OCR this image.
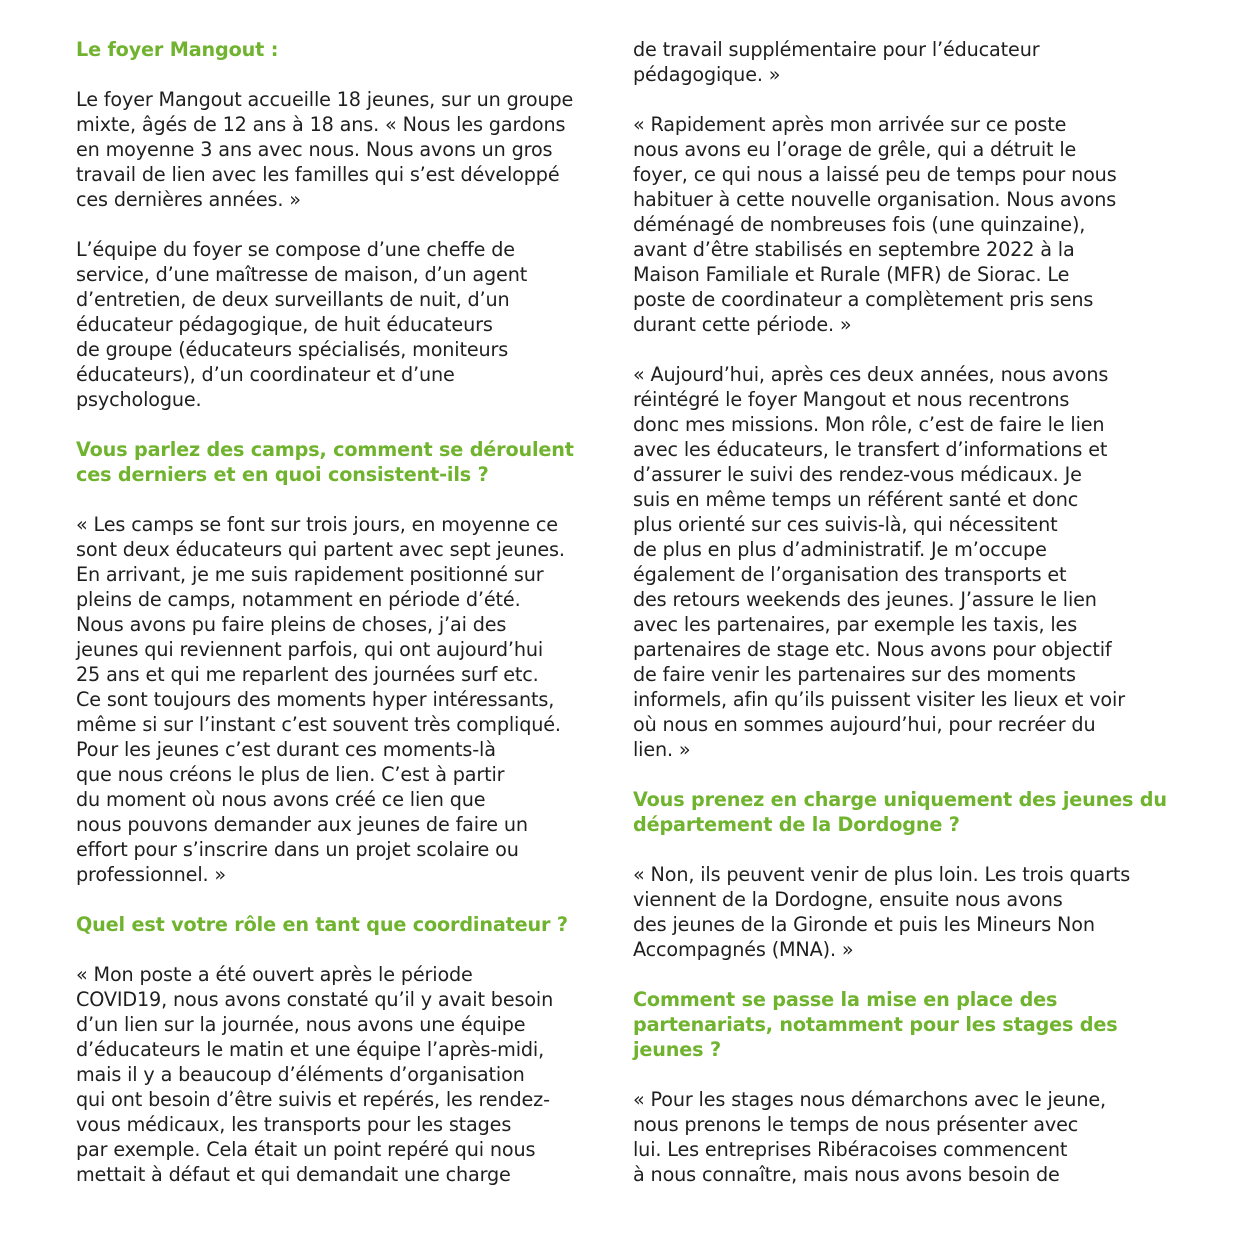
Le foyer Mangout :
Le foyer Mangout accueille 18 jeunes, sur un groupe
mixte, âgés de 12 ans à 18 ans. « Nous les gardons
en moyenne 3 ans avec nous. Nous avons un gros
travail de lien avec les familles qui s’est développé
ces dernières années. »
L’équipe du foyer se compose d’une cheffe de
service, d’une maîtresse de maison, d’un agent
d’entretien, de deux surveillants de nuit, d’un
éducateur pédagogique, de huit éducateurs
de groupe (éducateurs spécialisés, moniteurs
éducateurs), d’un coordinateur et d’une
psychologue.
Vous parlez des camps, comment se déroulent
ces derniers et en quoi consistent-ils ?
« Les camps se font sur trois jours, en moyenne ce
sont deux éducateurs qui partent avec sept jeunes.
En arrivant, je me suis rapidement positionné sur
pleins de camps, notamment en période d’été.
Nous avons pu faire pleins de choses, j’ai des
jeunes qui reviennent parfois, qui ont aujourd’hui
25 ans et qui me reparlent des journées surf etc.
Ce sont toujours des moments hyper intéressants,
même si sur l’instant c’est souvent très compliqué.
Pour les jeunes c’est durant ces moments-là
que nous créons le plus de lien. C’est à partir
du moment où nous avons créé ce lien que
nous pouvons demander aux jeunes de faire un
effort pour s’inscrire dans un projet scolaire ou
professionnel. »
Quel est votre rôle en tant que coordinateur ?
« Mon poste a été ouvert après le période
COVID19, nous avons constaté qu’il y avait besoin
d’un lien sur la journée, nous avons une équipe
d’éducateurs le matin et une équipe l’après-midi,
mais il y a beaucoup d’éléments d’organisation
qui ont besoin d’être suivis et repérés, les rendez-
vous médicaux, les transports pour les stages
par exemple. Cela était un point repéré qui nous
mettait à défaut et qui demandait une charge
de travail supplémentaire pour l’éducateur
pédagogique. »
« Rapidement après mon arrivée sur ce poste
nous avons eu l’orage de grêle, qui a détruit le
foyer, ce qui nous a laissé peu de temps pour nous
habituer à cette nouvelle organisation. Nous avons
déménagé de nombreuses fois (une quinzaine),
avant d’être stabilisés en septembre 2022 à la
Maison Familiale et Rurale (MFR) de Siorac. Le
poste de coordinateur a complètement pris sens
durant cette période. »
« Aujourd’hui, après ces deux années, nous avons
réintégré le foyer Mangout et nous recentrons
donc mes missions. Mon rôle, c’est de faire le lien
avec les éducateurs, le transfert d’informations et
d’assurer le suivi des rendez-vous médicaux. Je
suis en même temps un référent santé et donc
plus orienté sur ces suivis-là, qui nécessitent
de plus en plus d’administratif. Je m’occupe
également de l’organisation des transports et
des retours weekends des jeunes. J’assure le lien
avec les partenaires, par exemple les taxis, les
partenaires de stage etc. Nous avons pour objectif
de faire venir les partenaires sur des moments
informels, afin qu’ils puissent visiter les lieux et voir
où nous en sommes aujourd’hui, pour recréer du
lien. »
Vous prenez en charge uniquement des jeunes du
département de la Dordogne ?
« Non, ils peuvent venir de plus loin. Les trois quarts
viennent de la Dordogne, ensuite nous avons
des jeunes de la Gironde et puis les Mineurs Non
Accompagnés (MNA). »
Comment se passe la mise en place des
partenariats, notamment pour les stages des
jeunes ?
« Pour les stages nous démarchons avec le jeune,
nous prenons le temps de nous présenter avec
lui. Les entreprises Ribéracoises commencent
à nous connaître, mais nous avons besoin de
